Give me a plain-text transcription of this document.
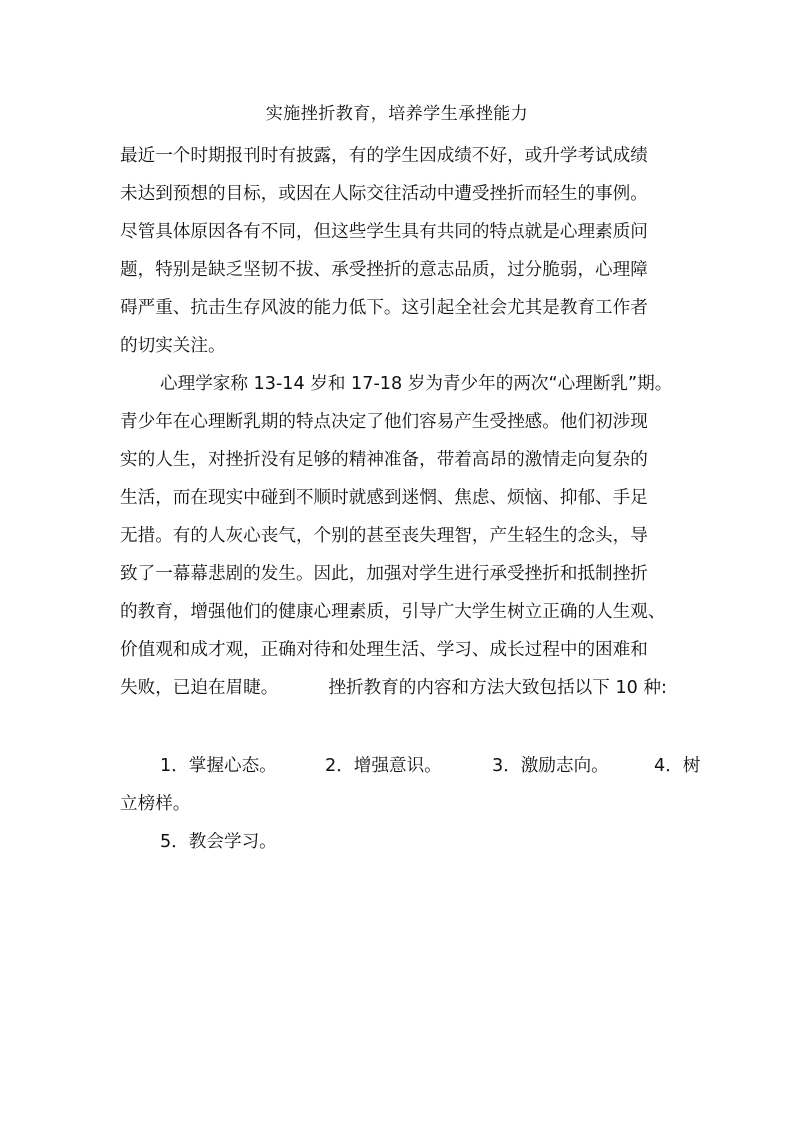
实施挫折教育，培养学生承挫能力
最近一个时期报刊时有披露，有的学生因成绩不好，或升学考试成绩
未达到预想的目标，或因在人际交往活动中遭受挫折而轻生的事例。
尽管具体原因各有不同，但这些学生具有共同的特点就是心理素质问
题，特别是缺乏坚韧不拔、承受挫折的意志品质，过分脆弱，心理障
碍严重、抗击生存风波的能力低下。这引起全社会尤其是教育工作者
的切实关注。
心理学家称 13-14 岁和 17-18 岁为青少年的两次“心理断乳”期。
青少年在心理断乳期的特点决定了他们容易产生受挫感。他们初涉现
实的人生，对挫折没有足够的精神准备，带着高昂的激情走向复杂的
生活，而在现实中碰到不顺时就感到迷惘、焦虑、烦恼、抑郁、手足
无措。有的人灰心丧气，个别的甚至丧失理智，产生轻生的念头，导
致了一幕幕悲剧的发生。因此，加强对学生进行承受挫折和抵制挫折
的教育，增强他们的健康心理素质，引导广大学生树立正确的人生观、
价值观和成才观，正确对待和处理生活、学习、成长过程中的困难和
失败，已迫在眉睫。	挫折教育的内容和方法大致包括以下 10 种:
1．掌握心态。	2．增强意识。	3．激励志向。	4．树
立榜样。
5．教会学习。
